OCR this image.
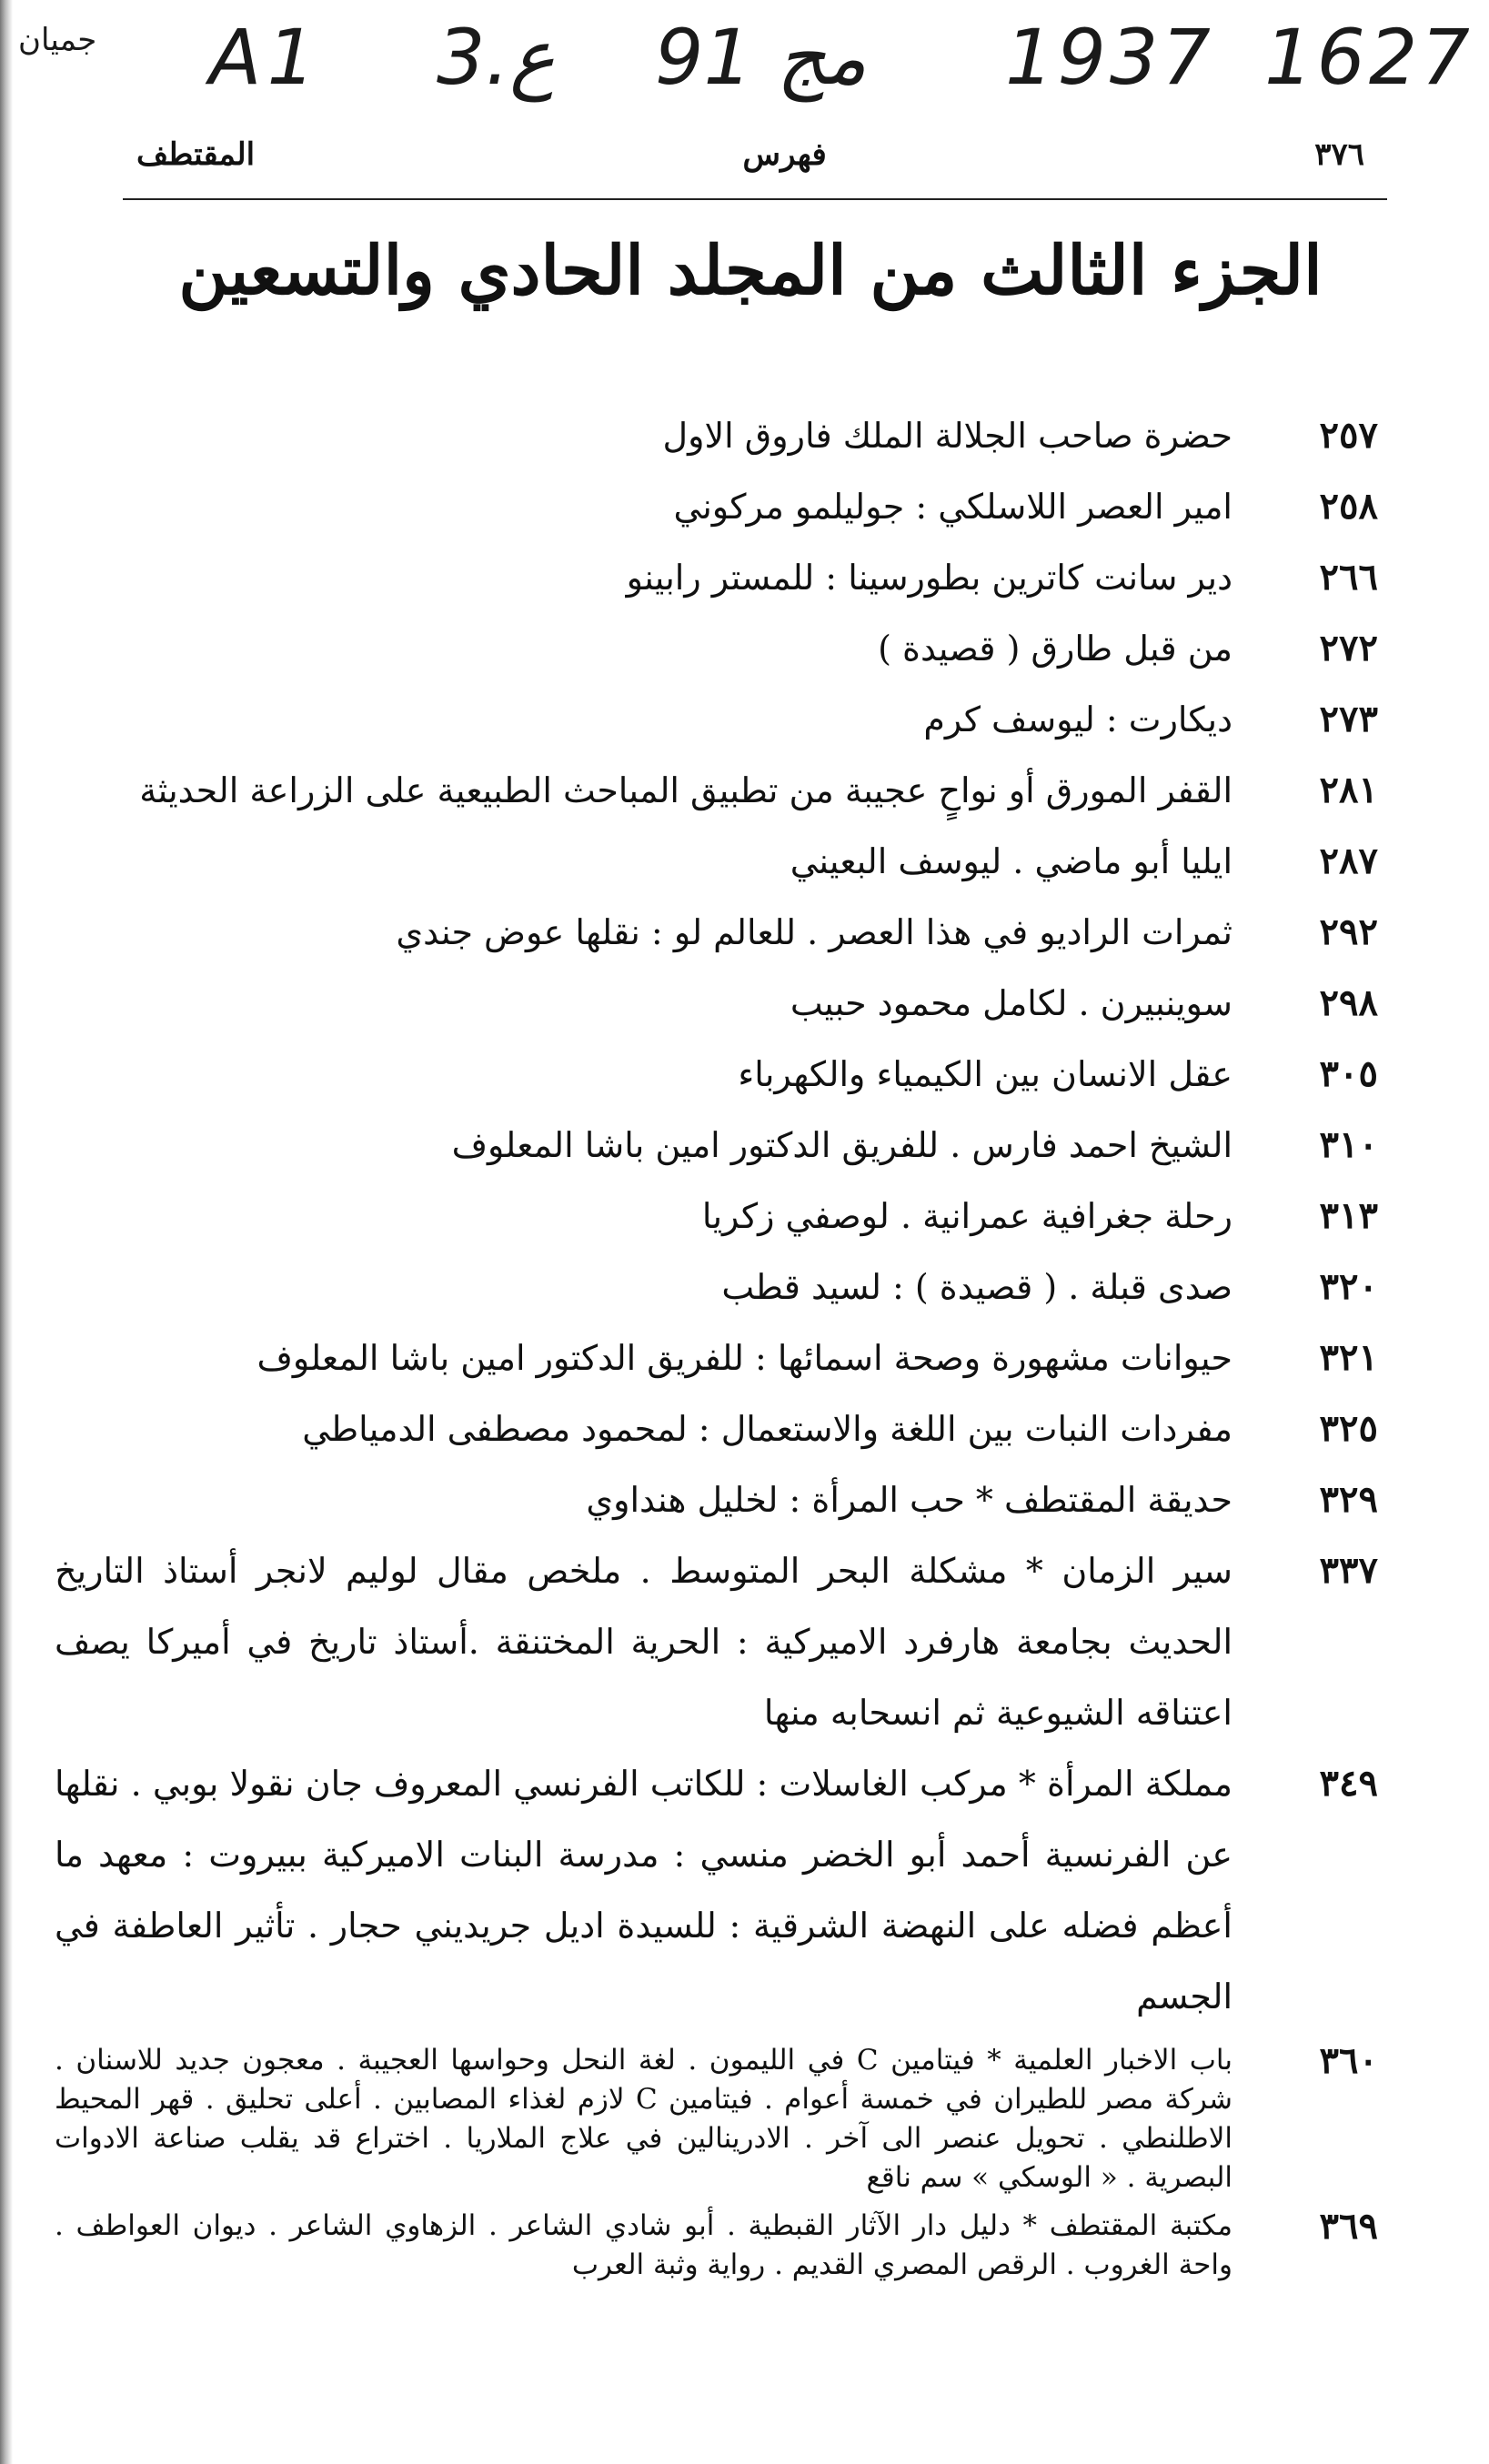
جميان A1 3.ع 91 مج 1937 1627
٣٧٦
فهرس
المقتطف
الجزء الثالث من المجلد الحادي والتسعين
٢٥٧
حضرة صاحب الجلالة الملك فاروق الاول
٢٥٨
امير العصر اللاسلكي : جوليلمو مركوني
٢٦٦
دير سانت كاترين بطورسينا : للمستر رابينو
٢٧٢
من قبل طارق ( قصيدة )
٢٧٣
ديكارت : ليوسف كرم
٢٨١
القفر المورق أو نواحٍ عجيبة من تطبيق المباحث الطبيعية على الزراعة الحديثة
٢٨٧
ايليا أبو ماضي . ليوسف البعيني
٢٩٢
ثمرات الراديو في هذا العصر . للعالم لو : نقلها عوض جندي
٢٩٨
سوينبيرن . لكامل محمود حبيب
٣٠٥
عقل الانسان بين الكيمياء والكهرباء
٣١٠
الشيخ احمد فارس . للفريق الدكتور امين باشا المعلوف
٣١٣
رحلة جغرافية عمرانية . لوصفي زكريا
٣٢٠
صدى قبلة . ( قصيدة ) : لسيد قطب
٣٢١
حيوانات مشهورة وصحة اسمائها : للفريق الدكتور امين باشا المعلوف
٣٢٥
مفردات النبات بين اللغة والاستعمال : لمحمود مصطفى الدمياطي
٣٢٩
حديقة المقتطف * حب المرأة : لخليل هنداوي
٣٣٧
سير الزمان * مشكلة البحر المتوسط . ملخص مقال لوليم لانجر أستاذ التاريخ الحديث بجامعة هارفرد الاميركية : الحرية المختنقة .أستاذ تاريخ في أميركا يصف اعتناقه الشيوعية ثم انسحابه منها
٣٤٩
مملكة المرأة * مركب الغاسلات : للكاتب الفرنسي المعروف جان نقولا بوبي . نقلها عن الفرنسية أحمد أبو الخضر منسي : مدرسة البنات الاميركية ببيروت : معهد ما أعظم فضله على النهضة الشرقية : للسيدة اديل جريديني حجار . تأثير العاطفة في الجسم
٣٦٠
باب الاخبار العلمية * فيتامين C في الليمون . لغة النحل وحواسها العجيبة . معجون جديد للاسنان . شركة مصر للطيران في خمسة أعوام . فيتامين C لازم لغذاء المصابين . أعلى تحليق . قهر المحيط الاطلنطي . تحويل عنصر الى آخر . الادرينالين في علاج الملاريا . اختراع قد يقلب صناعة الادوات البصرية . « الوسكي » سم ناقع
٣٦٩
مكتبة المقتطف * دليل دار الآثار القبطية . أبو شادي الشاعر . الزهاوي الشاعر . ديوان العواطف . واحة الغروب . الرقص المصري القديم . رواية وثبة العرب
